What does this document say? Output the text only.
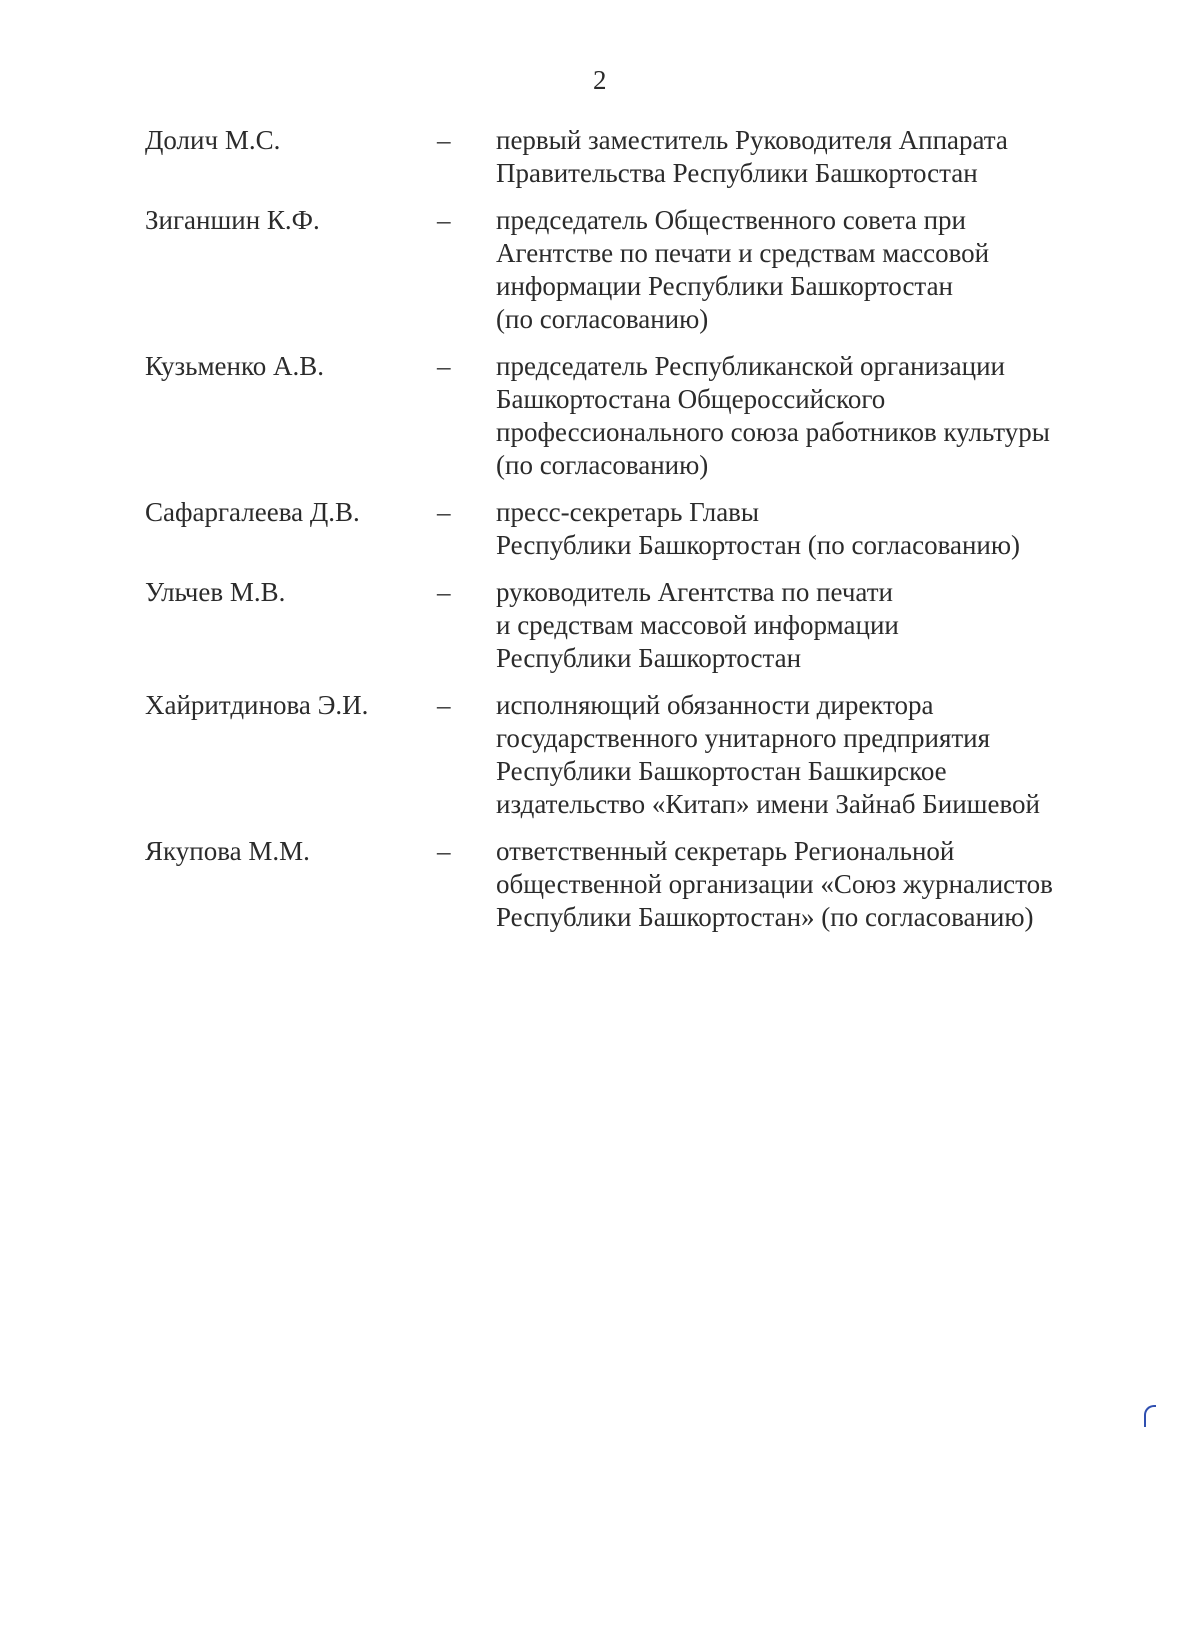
2
Долич М.С.	–	первый заместитель Руководителя Аппарата
Правительства Республики Башкортостан
Зиганшин К.Ф.	–	председатель Общественного совета при
Агентстве по печати и средствам массовой
информации Республики Башкортостан
(по согласованию)
Кузьменко А.В.	–	председатель Республиканской организации
Башкортостана Общероссийского
профессионального союза работников культуры
(по согласованию)
Сафаргалеева Д.В.	–	пресс-секретарь Главы
Республики Башкортостан (по согласованию)
Ульчев М.В.	–	руководитель Агентства по печати
и средствам массовой информации
Республики Башкортостан
Хайритдинова Э.И.	–	исполняющий обязанности директора
государственного унитарного предприятия
Республики Башкортостан Башкирское
издательство «Китап» имени Зайнаб Биишевой
Якупова М.М.	–	ответственный секретарь Региональной
общественной организации «Союз журналистов
Республики Башкортостан» (по согласованию)
